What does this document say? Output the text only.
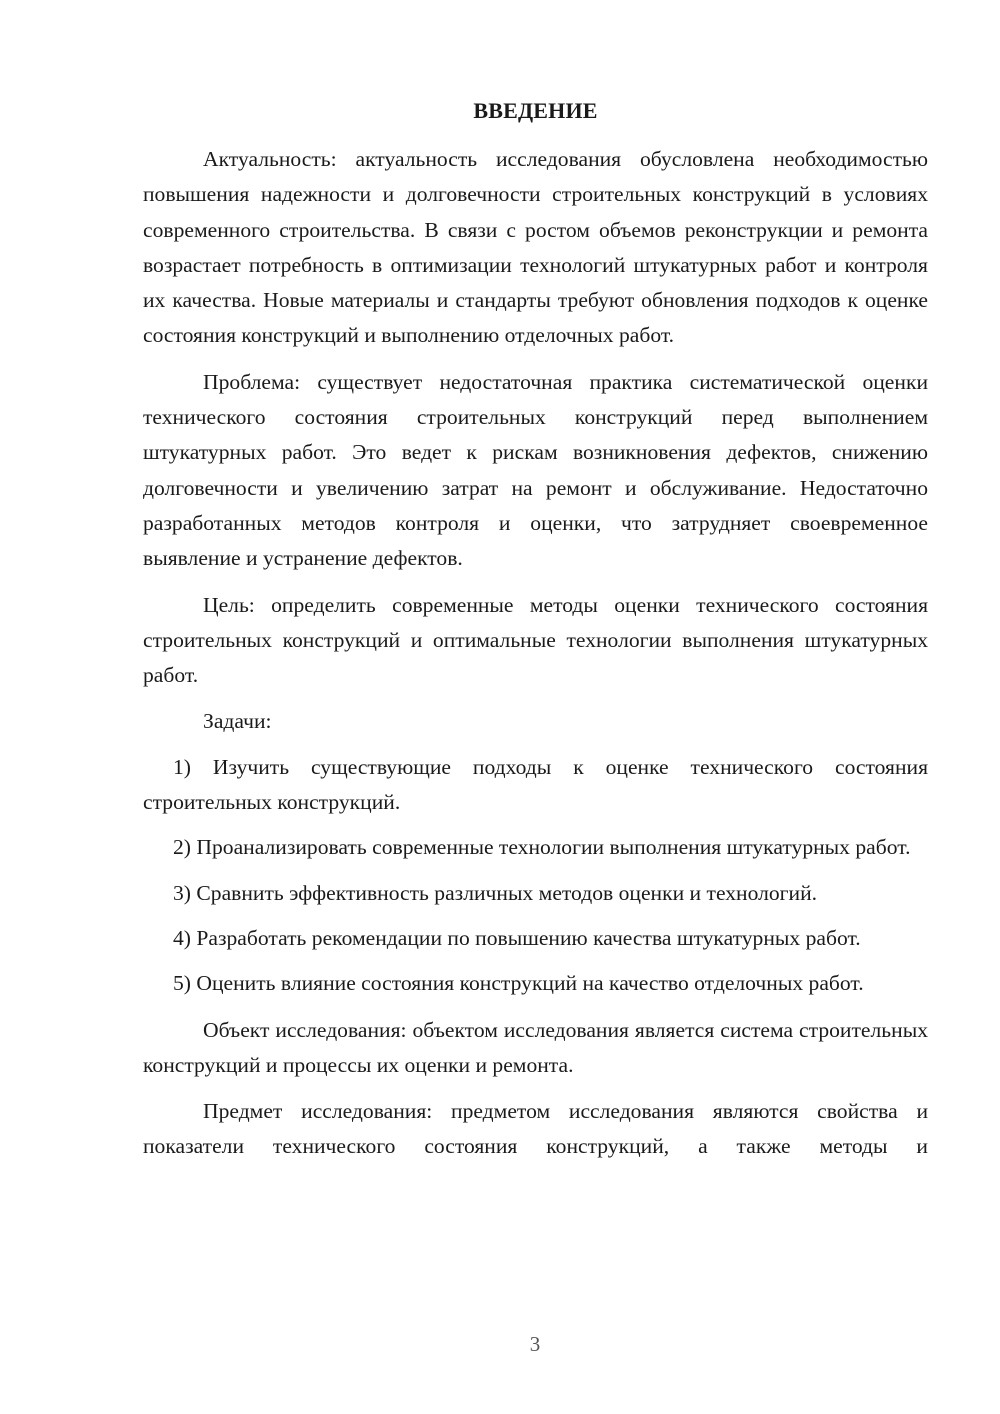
ВВЕДЕНИЕ

Актуальность: актуальность исследования обусловлена необходимостью повышения надежности и долговечности строительных конструкций в условиях современного строительства. В связи с ростом объемов реконструкции и ремонта возрастает потребность в оптимизации технологий штукатурных работ и контроля их качества. Новые материалы и стандарты требуют обновления подходов к оценке состояния конструкций и выполнению отделочных работ.

Проблема: существует недостаточная практика систематической оценки технического состояния строительных конструкций перед выполнением штукатурных работ. Это ведет к рискам возникновения дефектов, снижению долговечности и увеличению затрат на ремонт и обслуживание. Недостаточно разработанных методов контроля и оценки, что затрудняет своевременное выявление и устранение дефектов.

Цель: определить современные методы оценки технического состояния строительных конструкций и оптимальные технологии выполнения штукатурных работ.

Задачи:

1) Изучить существующие подходы к оценке технического состояния строительных конструкций.

2) Проанализировать современные технологии выполнения штукатурных работ.

3) Сравнить эффективность различных методов оценки и технологий.

4) Разработать рекомендации по повышению качества штукатурных работ.

5) Оценить влияние состояния конструкций на качество отделочных работ.

Объект исследования: объектом исследования является система строительных конструкций и процессы их оценки и ремонта.

Предмет исследования: предметом исследования являются свойства и показатели технического состояния конструкций, а также методы и

3
